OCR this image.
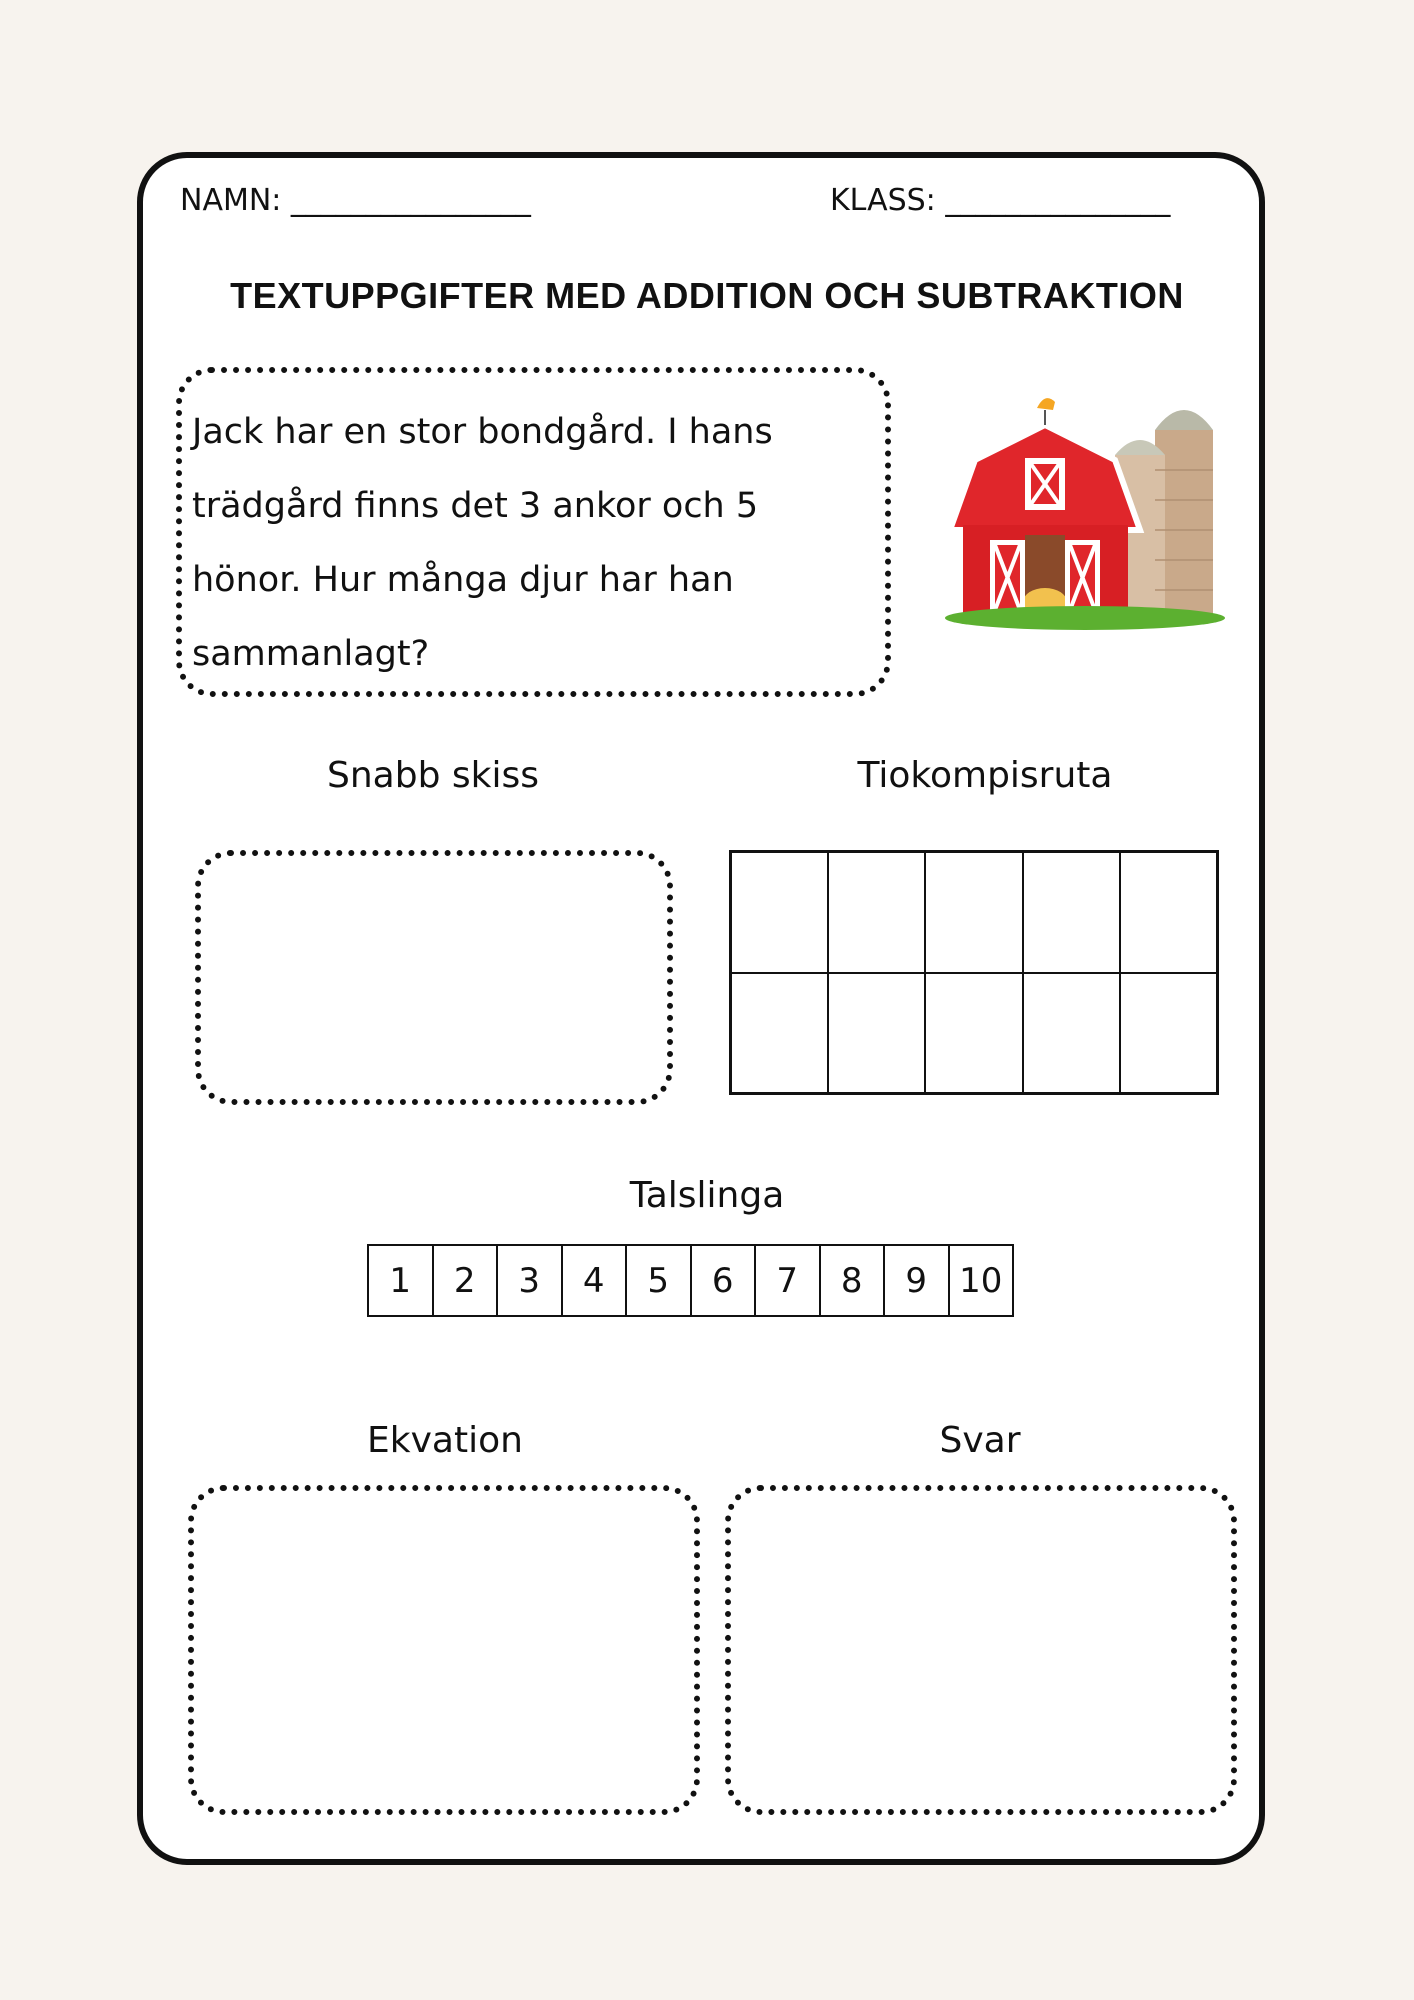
NAMN: ________________	KLASS: _______________
TEXTUPPGIFTER MED ADDITION OCH SUBTRAKTION
Jack har en stor bondgård. I hans
trädgård finns det 3 ankor och 5
hönor. Hur många djur har han
sammanlagt?
Snabb skiss	Tiokompisruta
Talslinga
1	2	3	4	5	6	7	8	9 10
Ekvation	Svar
